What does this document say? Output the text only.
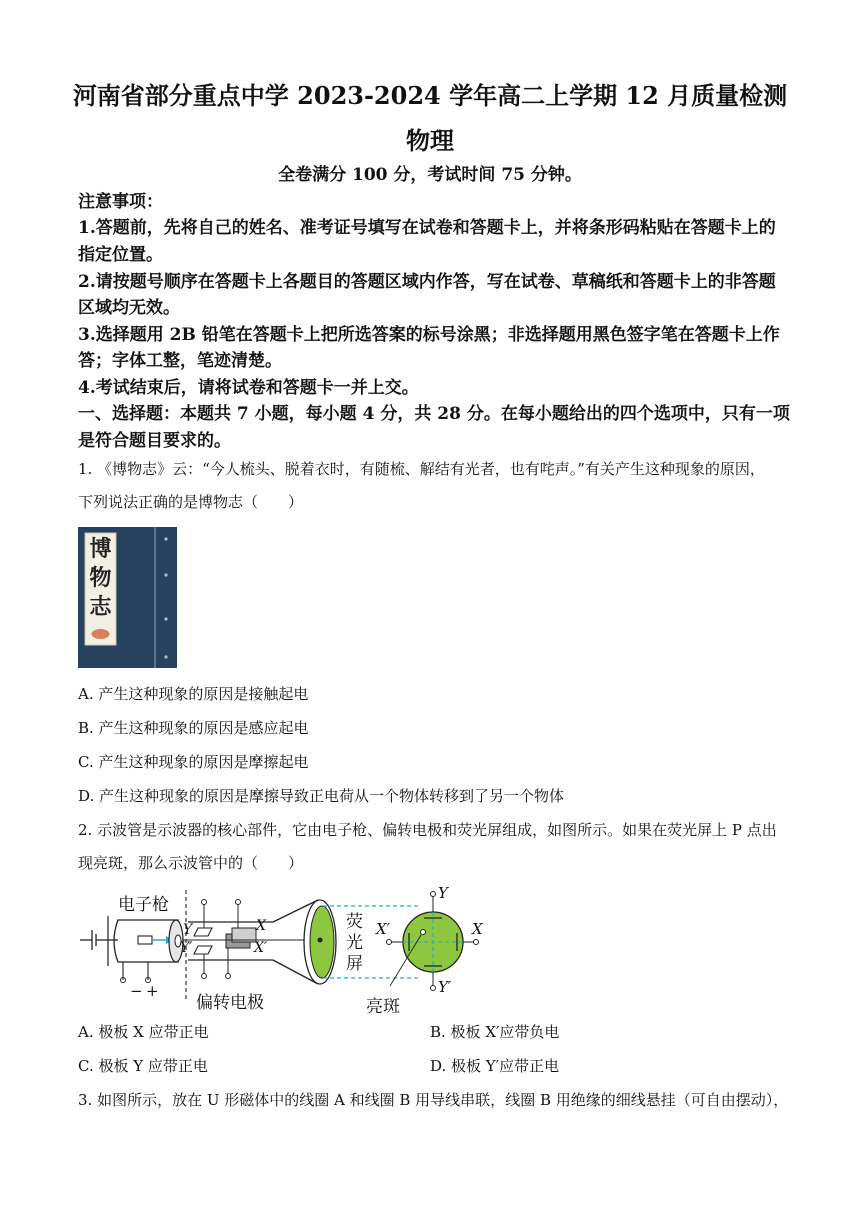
河南省部分重点中学 2023-2024 学年高二上学期 12 月质量检测
物理
全卷满分 100 分，考试时间 75 分钟。
注意事项：
1.答题前，先将自己的姓名、准考证号填写在试卷和答题卡上，并将条形码粘贴在答题卡上的
指定位置。
2.请按题号顺序在答题卡上各题目的答题区域内作答，写在试卷、草稿纸和答题卡上的非答题
区域均无效。
3.选择题用 2B 铅笔在答题卡上把所选答案的标号涂黑；非选择题用黑色签字笔在答题卡上作
答；字体工整，笔迹清楚。
4.考试结束后，请将试卷和答题卡一并上交。
一、选择题：本题共 7 小题，每小题 4 分，共 28 分。在每小题给出的四个选项中，只有一项
是符合题目要求的。
1. 《博物志》云：“今人梳头、脱着衣时，有随梳、解结有光者，也有咤声。”有关产生这种现象的原因，
下列说法正确的是博物志（　　）
博
物
志
A. 产生这种现象的原因是接触起电
B. 产生这种现象的原因是感应起电
C. 产生这种现象的原因是摩擦起电
D. 产生这种现象的原因是摩擦导致正电荷从一个物体转移到了另一个物体
2. 示波管是示波器的核心部件，它由电子枪、偏转电极和荧光屏组成，如图所示。如果在荧光屏上 P 点出
现亮斑，那么示波管中的（　　）
电子枪
偏转电极
荧
光
屏
亮斑
− +
Y
Y′
X
X′
Y
Y′
X′	X
A. 极板 X 应带正电	B. 极板 X′应带负电
C. 极板 Y 应带正电	D. 极板 Y′应带正电
3. 如图所示，放在 U 形磁体中的线圈 A 和线圈 B 用导线串联，线圈 B 用绝缘的细线悬挂（可自由摆动），
